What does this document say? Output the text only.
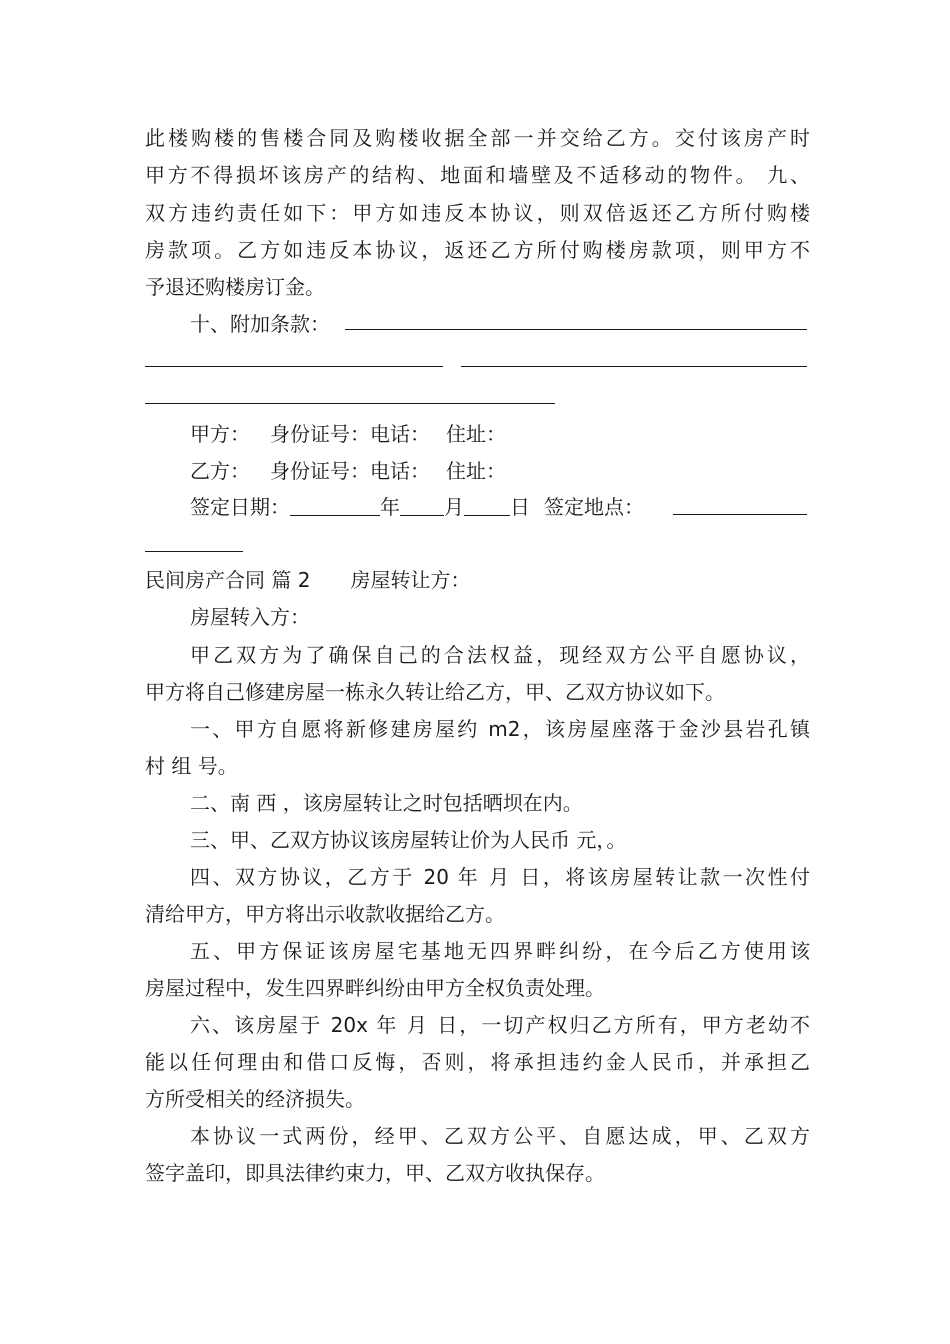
此楼购楼的售楼合同及购楼收据全部一并交给乙方。交付该房产时
甲方不得损坏该房产的结构、地面和墙壁及不适移动的物件。 九、
双方违约责任如下：甲方如违反本协议，则双倍返还乙方所付购楼
房款项。乙方如违反本协议，返还乙方所付购楼房款项，则甲方不
予退还购楼房订金。
十、附加条款：
甲方： 身份证号：电话： 住址：
乙方： 身份证号：电话： 住址：
签定日期：	年 月 日 签定地点：
民间房产合同 篇 2 房屋转让方：
房屋转入方：
甲乙双方为了确保自己的合法权益，现经双方公平自愿协议，
甲方将自己修建房屋一栋永久转让给乙方，甲、乙双方协议如下。
一、甲方自愿将新修建房屋约 m2，该房屋座落于金沙县岩孔镇
村 组 号。
二、南 西 ，该房屋转让之时包括晒坝在内。
三、甲、乙双方协议该房屋转让价为人民币 元，。
四、双方协议，乙方于 20 年 月 日，将该房屋转让款一次性付
清给甲方，甲方将出示收款收据给乙方。
五、甲方保证该房屋宅基地无四界畔纠纷，在今后乙方使用该
房屋过程中，发生四界畔纠纷由甲方全权负责处理。
六、该房屋于 20x 年 月 日，一切产权归乙方所有，甲方老幼不
能以任何理由和借口反悔，否则，将承担违约金人民币，并承担乙
方所受相关的经济损失。
本协议一式两份，经甲、乙双方公平、自愿达成，甲、乙双方
签字盖印，即具法律约束力，甲、乙双方收执保存。
